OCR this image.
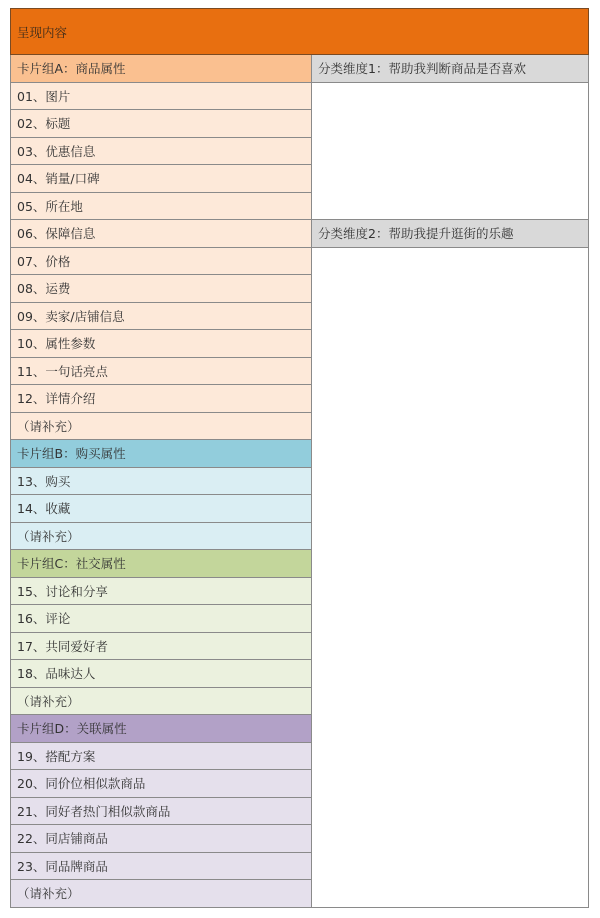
呈现内容
卡片组A：商品属性
01、图片
02、标题
03、优惠信息
04、销量/口碑
05、所在地
06、保障信息
07、价格
08、运费
09、卖家/店铺信息
10、属性参数
11、一句话亮点
12、详情介绍
（请补充）
卡片组B：购买属性
13、购买
14、收藏
（请补充）
卡片组C：社交属性
15、讨论和分享
16、评论
17、共同爱好者
18、品味达人
（请补充）
卡片组D：关联属性
19、搭配方案
20、同价位相似款商品
21、同好者热门相似款商品
22、同店铺商品
23、同品牌商品
（请补充）
分类维度1：帮助我判断商品是否喜欢
分类维度2：帮助我提升逛街的乐趣
